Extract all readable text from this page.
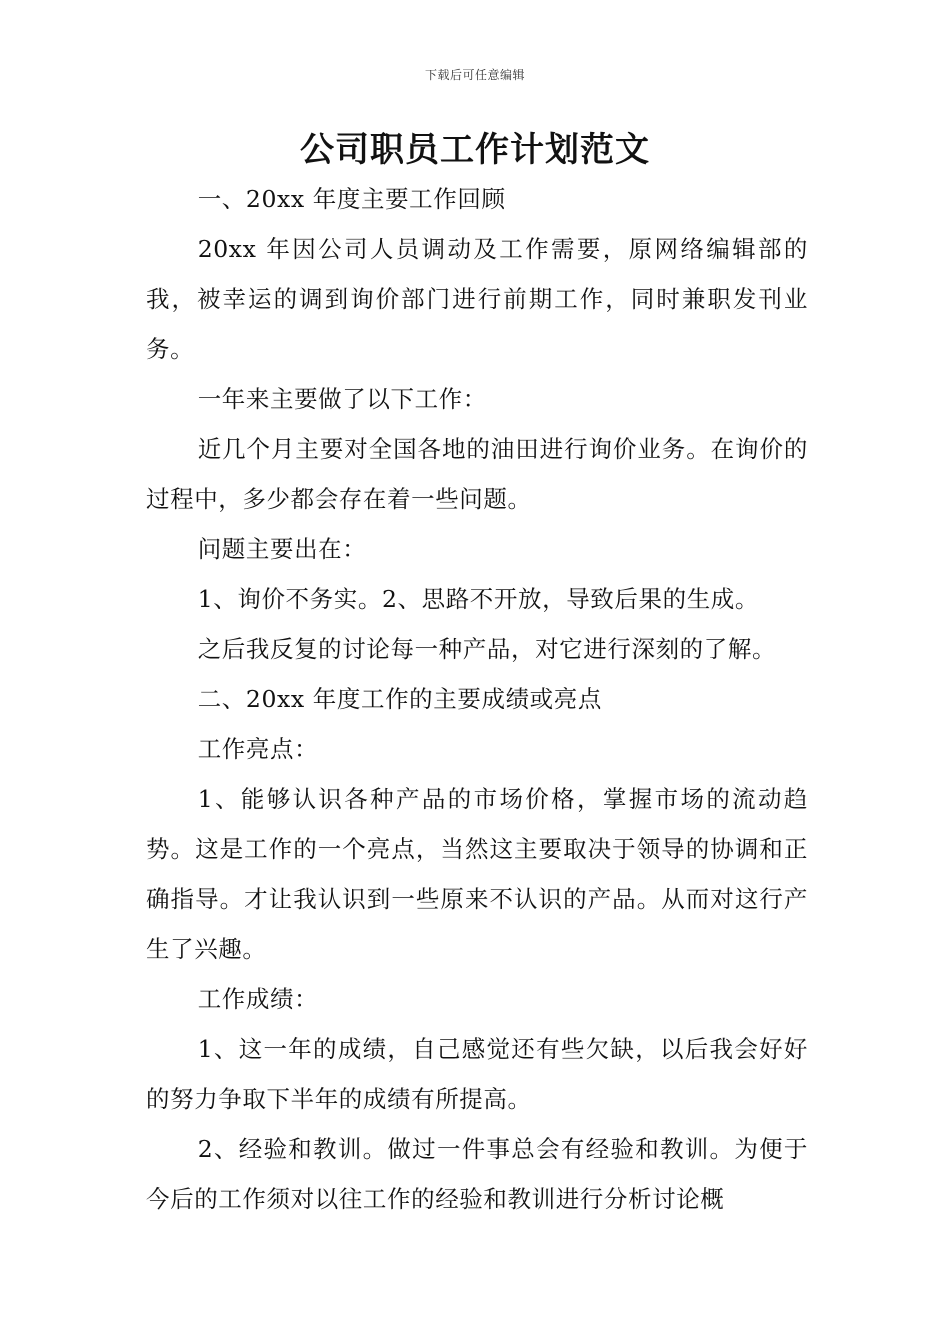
下载后可任意编辑
公司职员工作计划范文

一、20xx 年度主要工作回顾

20xx 年因公司人员调动及工作需要，原网络编辑部的我，被幸运的调到询价部门进行前期工作，同时兼职发刊业务。

一年来主要做了以下工作：

近几个月主要对全国各地的油田进行询价业务。在询价的过程中，多少都会存在着一些问题。

问题主要出在：

1、询价不务实。2、思路不开放，导致后果的生成。

之后我反复的讨论每一种产品，对它进行深刻的了解。

二、20xx 年度工作的主要成绩或亮点

工作亮点：

1、能够认识各种产品的市场价格，掌握市场的流动趋势。这是工作的一个亮点，当然这主要取决于领导的协调和正确指导。才让我认识到一些原来不认识的产品。从而对这行产生了兴趣。

工作成绩：

1、这一年的成绩，自己感觉还有些欠缺，以后我会好好的努力争取下半年的成绩有所提高。

2、经验和教训。做过一件事总会有经验和教训。为便于今后的工作须对以往工作的经验和教训进行分析讨论概
